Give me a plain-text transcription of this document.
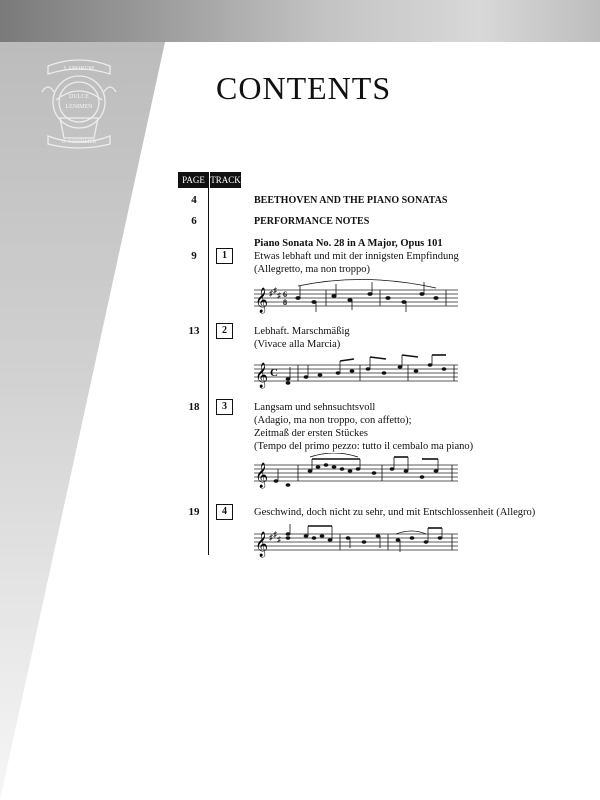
LABORUM
DULCE
LENIMEN
G. SCHIRMER
CONTENTS
PAGE TRACK
4	BEETHOVEN AND THE PIANO SONATAS
6	PERFORMANCE NOTES
Piano Sonata No. 28 in A Major, Opus 101
9	1	Etwas lebhaft und mit der innigsten Empfindung
(Allegretto, ma non troppo)
𝄞 ♯ ♯
♯ 6
8
13	2	Lebhaft. Marschmäßig
(Vivace alla Marcia)
𝄞 C
18	3	Langsam und sehnsuchtsvoll
(Adagio, ma non troppo, con affetto);
Zeitmaß der ersten Stückes
(Tempo del primo pezzo: tutto il cembalo ma piano)
𝄞
19	4	Geschwind, doch nicht zu sehr, und mit Entschlossenheit (Allegro)
𝄞 ♯ ♯
♯
